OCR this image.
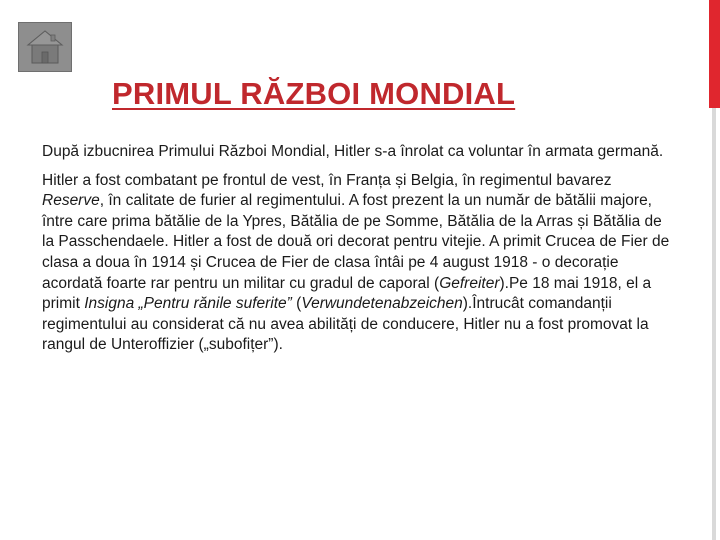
PRIMUL RĂZBOI MONDIAL

După izbucnirea Primului Război Mondial, Hitler s-a înrolat ca voluntar în armata germană.

Hitler a fost combatant pe frontul de vest, în Franța și Belgia, în regimentul bavarez Reserve, în calitate de furier al regimentului. A fost prezent la un număr de bătălii majore, între care prima bătălie de la Ypres, Bătălia de pe Somme, Bătălia de la Arras și Bătălia de la Passchendaele. Hitler a fost de două ori decorat pentru vitejie. A primit Crucea de Fier de clasa a doua în 1914 și Crucea de Fier de clasa întâi pe 4 august 1918 - o decorație acordată foarte rar pentru un militar cu gradul de caporal (Gefreiter).Pe 18 mai 1918, el a primit Insigna „Pentru rănile suferite” (Verwundetenabzeichen).Întrucât comandanții regimentului au considerat că nu avea abilități de conducere, Hitler nu a fost promovat la rangul de Unteroffizier („subofițer”).
